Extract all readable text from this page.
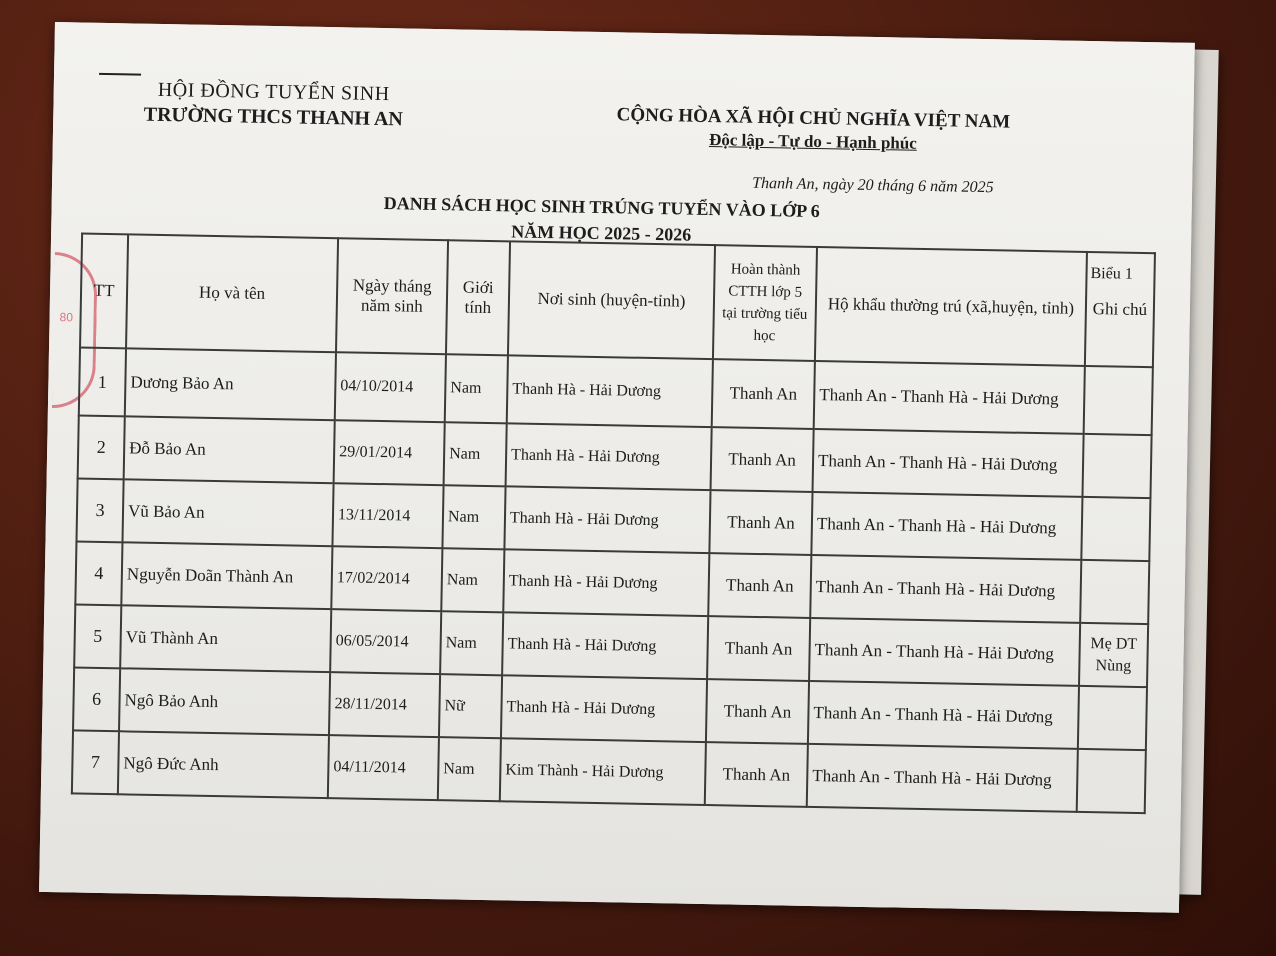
HỘI ĐỒNG TUYỂN SINH
TRƯỜNG THCS THANH AN	CỘNG HÒA XÃ HỘI CHỦ NGHĨA VIỆT NAM
Độc lập - Tự do - Hạnh phúc
Thanh An, ngày 20 tháng 6 năm 2025
DANH SÁCH HỌC SINH TRÚNG TUYỂN VÀO LỚP 6
NĂM HỌC 2025 - 2026
Biểu 1
80
TT	Họ và tên	Ngày tháng năm sinh	Giới tính	Nơi sinh (huyện-tỉnh)	Hoàn thành CTTH lớp 5 tại trường tiểu học	Hộ khẩu thường trú (xã,huyện, tỉnh)	Ghi chú
1	Dương Bảo An	04/10/2014	Nam	Thanh Hà - Hải Dương	Thanh An	Thanh An - Thanh Hà - Hải Dương	
2	Đỗ Bảo An	29/01/2014	Nam	Thanh Hà - Hải Dương	Thanh An	Thanh An - Thanh Hà - Hải Dương	
3	Vũ Bảo An	13/11/2014	Nam	Thanh Hà - Hải Dương	Thanh An	Thanh An - Thanh Hà - Hải Dương	
4	Nguyễn Doãn Thành An	17/02/2014	Nam	Thanh Hà - Hải Dương	Thanh An	Thanh An - Thanh Hà - Hải Dương	
5	Vũ Thành An	06/05/2014	Nam	Thanh Hà - Hải Dương	Thanh An	Thanh An - Thanh Hà - Hải Dương	Mẹ DT Nùng
6	Ngô Bảo Anh	28/11/2014	Nữ	Thanh Hà - Hải Dương	Thanh An	Thanh An - Thanh Hà - Hải Dương	
7	Ngô Đức Anh	04/11/2014	Nam	Kim Thành - Hải Dương	Thanh An	Thanh An - Thanh Hà - Hải Dương	
